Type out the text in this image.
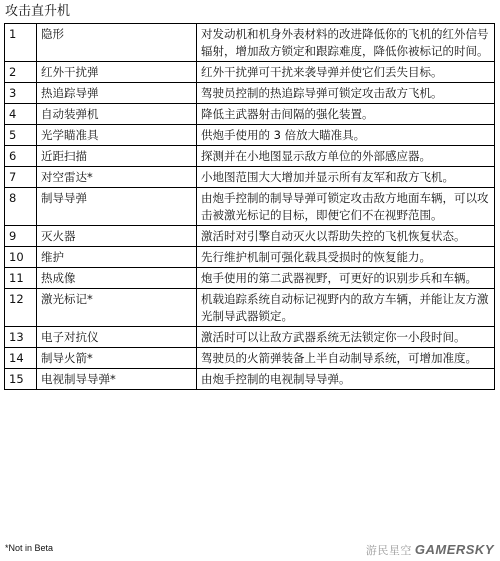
攻击直升机
1	隐形	对发动机和机身外表材料的改进降低你的飞机的红外信号辐射，增加敌方锁定和跟踪难度，降低你被标记的时间。
2	红外干扰弹	红外干扰弹可干扰来袭导弹并使它们丢失目标。
3	热追踪导弹	驾驶员控制的热追踪导弹可锁定攻击敌方飞机。
4	自动装弹机	降低主武器射击间隔的强化装置。
5	光学瞄准具	供炮手使用的 3 倍放大瞄准具。
6	近距扫描	探测并在小地图显示敌方单位的外部感应器。
7	对空雷达*	小地图范围大大增加并显示所有友军和敌方飞机。
8	制导导弹	由炮手控制的制导导弹可锁定攻击敌方地面车辆，可以攻击被激光标记的目标，即便它们不在视野范围。
9	灭火器	激活时对引擎自动灭火以帮助失控的飞机恢复状态。
10	维护	先行维护机制可强化载具受损时的恢复能力。
11	热成像	炮手使用的第二武器视野，可更好的识别步兵和车辆。
12	激光标记*	机载追踪系统自动标记视野内的敌方车辆，并能让友方激光制导武器锁定。
13	电子对抗仪	激活时可以让敌方武器系统无法锁定你一小段时间。
14	制导火箭*	驾驶员的火箭弹装备上半自动制导系统，可增加准度。
15	电视制导导弹*	由炮手控制的电视制导导弹。
*Not in Beta	游民星空 GAMERSKY
